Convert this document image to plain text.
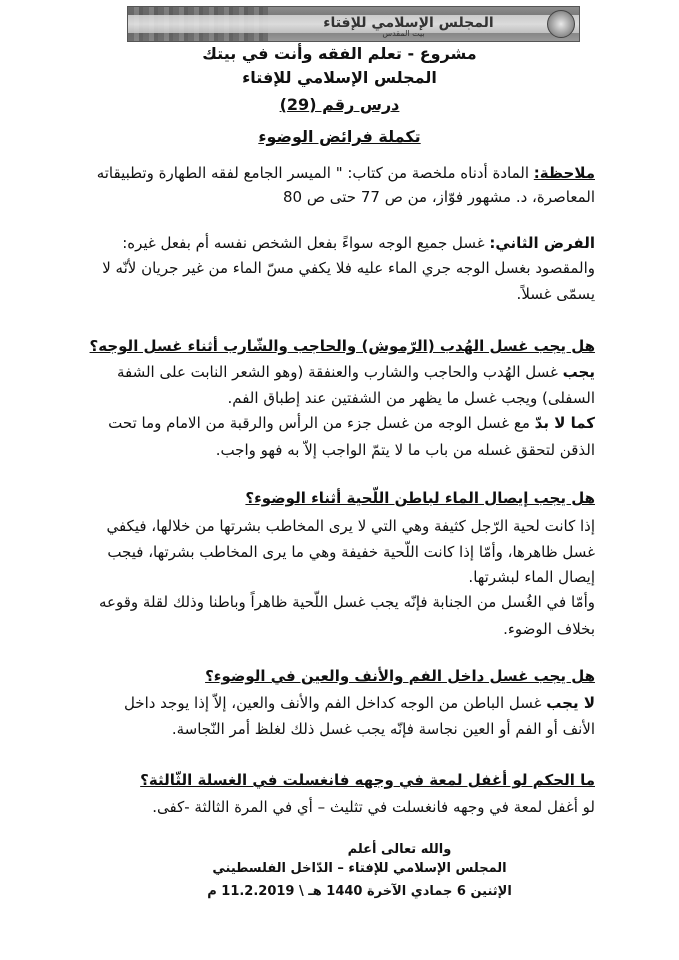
المجلس الإسلامي للإفتاء
بيت المقدس
مشروع - تعلم الفقه وأنت في بيتك
المجلس الإسلامي للإفتاء
درس رقم (29)
تكملة فرائض الوضوء
ملاحظة: المادة أدناه ملخصة من كتاب: " الميسر الجامع لفقه الطهارة وتطبيقاته
المعاصرة، د. مشهور فوّاز، من ص 77 حتى ص 80
الفرض الثاني: غسل جميع الوجه سواءً بفعل الشخص نفسه أم بفعل غيره:
والمقصود بغسل الوجه جري الماء عليه فلا يكفي مسّ الماء من غير جريان لأنّه لا
يسمّى غسلاً.
هل يجب غسل الهُدب (الرّموش) والحاجب والشّارب أثناء غسل الوجه؟
يجب غسل الهُدب والحاجب والشارب والعنفقة (وهو الشعر النابت على الشفة
السفلى) ويجب غسل ما يظهر من الشفتين عند إطباق الفم.
كما لا بدّ مع غسل الوجه من غسل جزء من الرأس والرقبة من الامام وما تحت
الذقن لتحقق غسله من باب ما لا يتمّ الواجب إلاّ به فهو واجب.
هل يجب إيصال الماء لباطن اللّحية أثناء الوضوء؟
إذا كانت لحية الرّجل كثيفة وهي التي لا يرى المخاطب بشرتها من خلالها، فيكفي
غسل ظاهرها، وأمّا إذا كانت اللّحية خفيفة وهي ما يرى المخاطب بشرتها، فيجب
إيصال الماء لبشرتها.
وأمّا في الغُسل من الجنابة فإنّه يجب غسل اللّحية ظاهراً وباطنا وذلك لقلة وقوعه
بخلاف الوضوء.
هل يجب غسل داخل الفم والأنف والعين في الوضوء؟
لا يجب غسل الباطن من الوجه كداخل الفم والأنف والعين، إلاّ إذا يوجد داخل
الأنف أو الفم أو العين نجاسة فإنّه يجب غسل ذلك لغلظ أمر النّجاسة.
ما الحكم لو أغفل لمعة في وجهه فانغسلت في الغسلة الثّالثة؟
لو أغفل لمعة في وجهه فانغسلت في تثليث – أي في المرة الثالثة -كفى.
والله تعالى أعلم
المجلس الإسلامي للإفتاء – الدّاخل الفلسطيني
الإثنين 6 جمادي الآخرة 1440 هـ \ 11.2.2019 م
